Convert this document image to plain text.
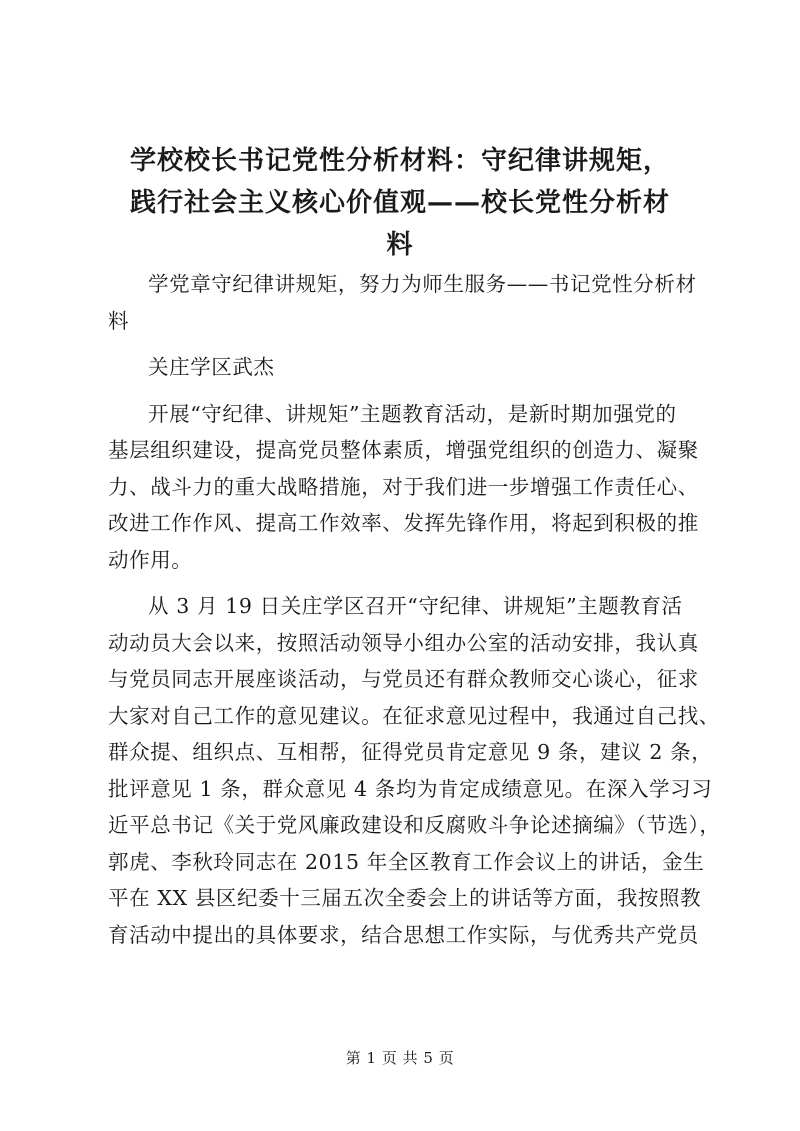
学校校长书记党性分析材料：守纪律讲规矩，
践行社会主义核心价值观——校长党性分析材
料
学党章守纪律讲规矩，努力为师生服务——书记党性分析材
料
关庄学区武杰
开展“守纪律、讲规矩”主题教育活动，是新时期加强党的
基层组织建设，提高党员整体素质，增强党组织的创造力、凝聚
力、战斗力的重大战略措施，对于我们进一步增强工作责任心、
改进工作作风、提高工作效率、发挥先锋作用，将起到积极的推
动作用。
从 3 月 19 日关庄学区召开“守纪律、讲规矩”主题教育活
动动员大会以来，按照活动领导小组办公室的活动安排，我认真
与党员同志开展座谈活动，与党员还有群众教师交心谈心，征求
大家对自己工作的意见建议。在征求意见过程中，我通过自己找、
群众提、组织点、互相帮，征得党员肯定意见 9 条，建议 2 条，
批评意见 1 条，群众意见 4 条均为肯定成绩意见。在深入学习习
近平总书记《关于党风廉政建设和反腐败斗争论述摘编》（节选），
郭虎、李秋玲同志在 2015 年全区教育工作会议上的讲话，金生
平在 XX 县区纪委十三届五次全委会上的讲话等方面，我按照教
育活动中提出的具体要求，结合思想工作实际，与优秀共产党员
第 1 页 共 5 页
